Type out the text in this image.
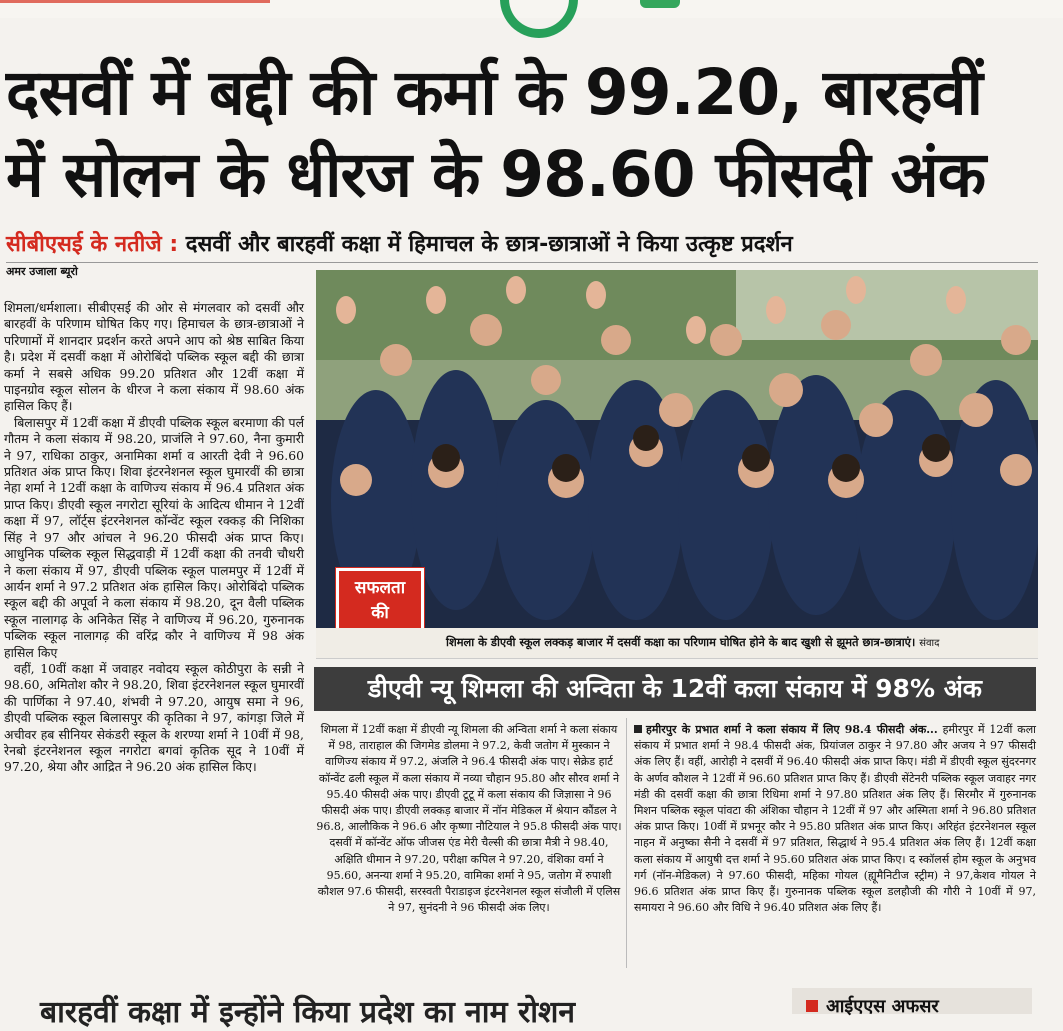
दसवीं में बद्दी की कर्मा के 99.20, बारहवीं
में सोलन के धीरज के 98.60 फीसदी अंक
सीबीएसई के नतीजे : दसवीं और बारहवीं कक्षा में हिमाचल के छात्र-छात्राओं ने किया उत्कृष्ट प्रदर्शन
अमर उजाला ब्यूरो

शिमला/धर्मशाला। सीबीएसई की ओर से मंगलवार को दसवीं और बारहवीं के परिणाम घोषित किए गए। हिमाचल के छात्र-छात्राओं ने परिणामों में शानदार प्रदर्शन करते अपने आप को श्रेष्ठ साबित किया है। प्रदेश में दसवीं कक्षा में ओरोबिंदो पब्लिक स्कूल बद्दी की छात्रा कर्मा ने सबसे अधिक 99.20 प्रतिशत और 12वीं कक्षा में पाइनग्रोव स्कूल सोलन के धीरज ने कला संकाय में 98.60 अंक हासिल किए हैं।

बिलासपुर में 12वीं कक्षा में डीएवी पब्लिक स्कूल बरमाणा की पर्ल गौतम ने कला संकाय में 98.20, प्राजंलि ने 97.60, नैना कुमारी ने 97, राधिका ठाकुर, अनामिका शर्मा व आरती देवी ने 96.60 प्रतिशत अंक प्राप्त किए। शिवा इंटरनेशनल स्कूल घुमारवीं की छात्रा नेहा शर्मा ने 12वीं कक्षा के वाणिज्य संकाय में 96.4 प्रतिशत अंक प्राप्त किए। डीएवी स्कूल नगरोटा सूरियां के आदित्य धीमान ने 12वीं कक्षा में 97, लॉर्ट्स इंटरनेशनल कॉन्वेंट स्कूल रक्कड़ की निशिका सिंह ने 97 और आंचल ने 96.20 फीसदी अंक प्राप्त किए। आधुनिक पब्लिक स्कूल सिद्धवाड़ी में 12वीं कक्षा की तनवी चौधरी ने कला संकाय में 97, डीएवी पब्लिक स्कूल पालमपुर में 12वीं में आर्यन शर्मा ने 97.2 प्रतिशत अंक हासिल किए। ओरोबिंदो पब्लिक स्कूल बद्दी की अपूर्वा ने कला संकाय में 98.20, दून वैली पब्लिक स्कूल नालागढ़ के अनिकेत सिंह ने वाणिज्य में 96.20, गुरुनानक पब्लिक स्कूल नालागढ़ की वरिंद्र कौर ने वाणिज्य में 98 अंक हासिल किए

वहीं, 10वीं कक्षा में जवाहर नवोदय स्कूल कोठीपुरा के सन्नी ने 98.60, अमितोश कौर ने 98.20, शिवा इंटरनेशनल स्कूल घुमारवीं की पार्णिका ने 97.40, शंभवी ने 97.20, आयुष समा ने 96, डीएवी पब्लिक स्कूल बिलासपुर की कृतिका ने 97, कांगड़ा जिले में अचीवर हब सीनियर सेकंडरी स्कूल के शरण्या शर्मा ने 10वीं में 98, रेनबो इंटरनेशनल स्कूल नगरोटा बगवां कृतिक सूद ने 10वीं में 97.20, श्रेया और आद्रित ने 96.20 अंक हासिल किए।

सफलता
की
शिमला के डीएवी स्कूल लक्कड़ बाजार में दसवीं कक्षा का परिणाम घोषित होने के बाद खुशी से झूमते छात्र-छात्राएं। संवाद
डीएवी न्यू शिमला की अन्विता के 12वीं कला संकाय में 98% अंक
शिमला में 12वीं कक्षा में डीएवी न्यू शिमला की अन्विता शर्मा ने कला संकाय में 98, ताराहाल की जिगमेड डोलमा ने 97.2, केवी जतोग में मुस्कान ने वाणिज्य संकाय में 97.2, अंजलि ने 96.4 फीसदी अंक पाए। सेक्रेड हार्ट कॉन्वेंट ढली स्कूल में कला संकाय में नव्या चौहान 95.80 और सौरव शर्मा ने 95.40 फीसदी अंक पाए। डीएवी टूटू में कला संकाय की जिज्ञासा ने 96 फीसदी अंक पाए। डीएवी लक्कड़ बाजार में नॉन मेडिकल में श्रेयान कौंडल ने 96.8, आलौकिक ने 96.6 और कृष्णा नौटियाल ने 95.8 फीसदी अंक पाए। दसवीं में कॉन्वेंट ऑफ जीजस एंड मेरी चैल्सी की छात्रा मैत्री ने 98.40, अक्षिति धीमान ने 97.20, परीक्षा कपिल ने 97.20, वंशिका वर्मा ने 95.60, अनन्या शर्मा ने 95.20, वामिका शर्मा ने 95, जतोग में रुपाशी कौशल 97.6 फीसदी, सरस्वती पैराडाइज इंटरनेशनल स्कूल संजौली में एलिस ने 97, सुनंदनी ने 96 फीसदी अंक लिए।
हमीरपुर के प्रभात शर्मा ने कला संकाय में लिए 98.4 फीसदी अंक... हमीरपुर में 12वीं कला संकाय में प्रभात शर्मा ने 98.4 फीसदी अंक, प्रियांजल ठाकुर ने 97.80 और अजय ने 97 फीसदी अंक लिए हैं। वहीं, आरोही ने दसवीं में 96.40 फीसदी अंक प्राप्त किए। मंडी में डीएवी स्कूल सुंदरनगर के अर्णव कौशल ने 12वीं में 96.60 प्रतिशत प्राप्त किए हैं। डीएवी सेंटेनरी पब्लिक स्कूल जवाहर नगर मंडी की दसवीं कक्षा की छात्रा रिधिमा शर्मा ने 97.80 प्रतिशत अंक लिए हैं। सिरमौर में गुरुनानक मिशन पब्लिक स्कूल पांवटा की अंशिका चौहान ने 12वीं में 97 और अस्मिता शर्मा ने 96.80 प्रतिशत अंक प्राप्त किए। 10वीं में प्रभनूर कौर ने 95.80 प्रतिशत अंक प्राप्त किए। अरिहंत इंटरनेशनल स्कूल नाहन में अनुष्का सैनी ने दसवीं में 97 प्रतिशत, सिद्धार्थ ने 95.4 प्रतिशत अंक लिए हैं। 12वीं कक्षा कला संकाय में आयुषी दत्त शर्मा ने 95.60 प्रतिशत अंक प्राप्त किए। द स्कॉलर्स होम स्कूल के अनुभव गर्ग (नॉन-मेडिकल) ने 97.60 फीसदी, महिका गोयल (ह्यूमैनिटीज स्ट्रीम) ने 97,केशव गोयल ने 96.6 प्रतिशत अंक प्राप्त किए हैं। गुरुनानक पब्लिक स्कूल डलहौजी की गौरी ने 10वीं में 97, समायरा ने 96.60 और विधि ने 96.40 प्रतिशत अंक लिए हैं।
बारहवीं कक्षा में इन्होंने किया प्रदेश का नाम रोशन	आईएएस अफसर
